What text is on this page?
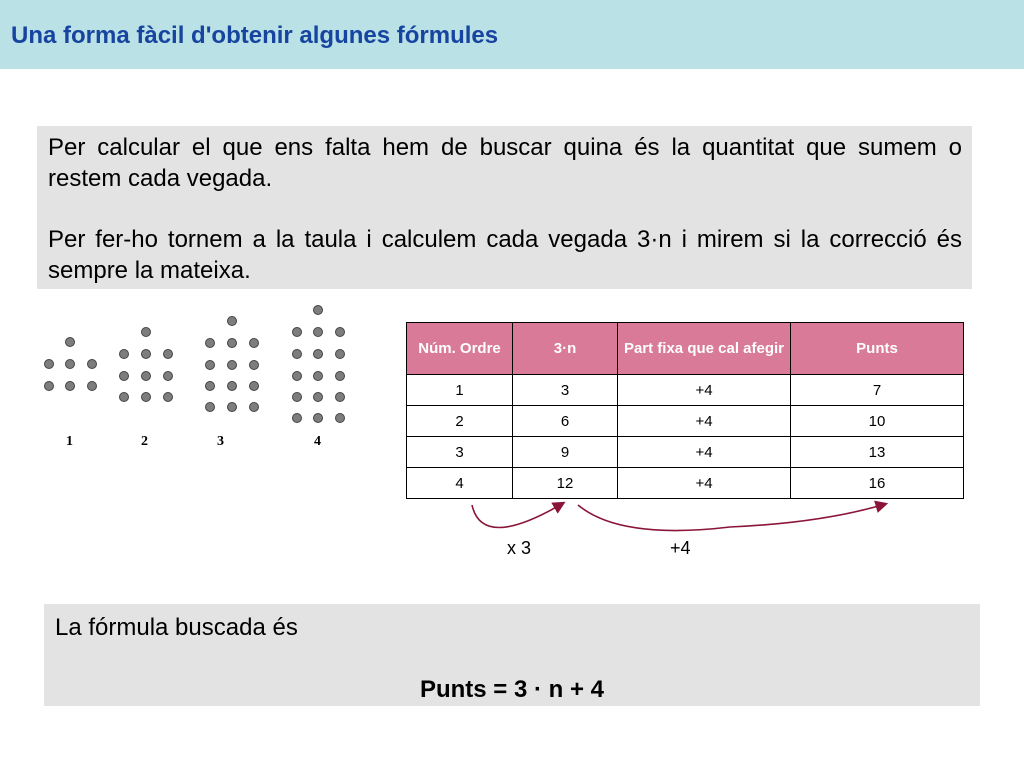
Una forma fàcil d'obtenir algunes fórmules

Per calcular el que ens falta hem de buscar quina és la quantitat que sumem o restem cada vegada.

Per fer-ho tornem a la taula i calculem cada vegada 3·n i mirem si la correcció és sempre la mateixa.

1	2	3	4
Núm. Ordre	3·n	Part fixa que cal afegir	Punts
1	3	+4	7
2	6	+4	10
3	9	+4	13
4	12	+4	16
x 3	+4
La fórmula buscada és
Punts = 3 · n + 4
